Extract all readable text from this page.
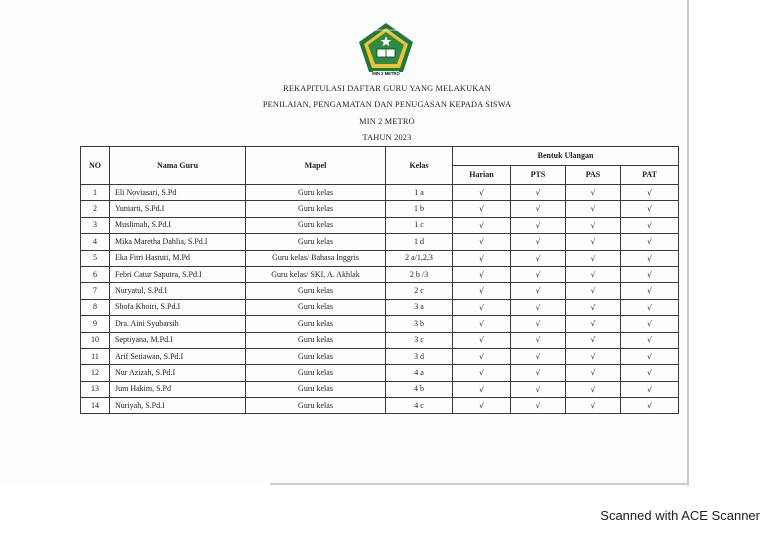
MIN 2 METRO
KEMENTERIAN AGAMA
REKAPITULASI DAFTAR GURU YANG MELAKUKAN
PENILAIAN, PENGAMATAN DAN PENUGASAN KEPADA SISWA
MIN 2 METRO
TAHUN 2023
NO	Nama Guru	Mapel	Kelas	Bentuk Ulangan			
				Harian	PTS	PAS	PAT
1	Eli Noviasari, S.Pd	Guru kelas	1 a	√	√	√	√
2	Yuniarti, S.Pd.I	Guru kelas	1 b	√	√	√	√
3	Muslimah, S.Pd.I	Guru kelas	1 c	√	√	√	√
4	Mika Maretha Dahlia, S.Pd.I	Guru kelas	1 d	√	√	√	√
5	Eka Fitri Hastuti, M.Pd	Guru kelas/ Bahasa Inggris	2 a/1,2,3	√	√	√	√
6	Febri Catur Saputra, S.Pd.I	Guru kelas/ SKI, A. Akhlak	2 b /3	√	√	√	√
7	Nuryatul, S.Pd.I	Guru kelas	2 c	√	√	√	√
8	Shofa Khoiri, S.Pd.I	Guru kelas	3 a	√	√	√	√
9	Dra. Aini Syubarsih	Guru kelas	3 b	√	√	√	√
10	Septiyana, M.Pd.I	Guru kelas	3 c	√	√	√	√
11	Arif Setiawan, S.Pd.I	Guru kelas	3 d	√	√	√	√
12	Nur Azizah, S.Pd.I	Guru kelas	4 a	√	√	√	√
13	Jum Hakim, S.Pd	Guru kelas	4 b	√	√	√	√
14	Nuriyah, S.Pd.I	Guru kelas	4 c	√	√	√	√
Scanned with ACE Scanner
